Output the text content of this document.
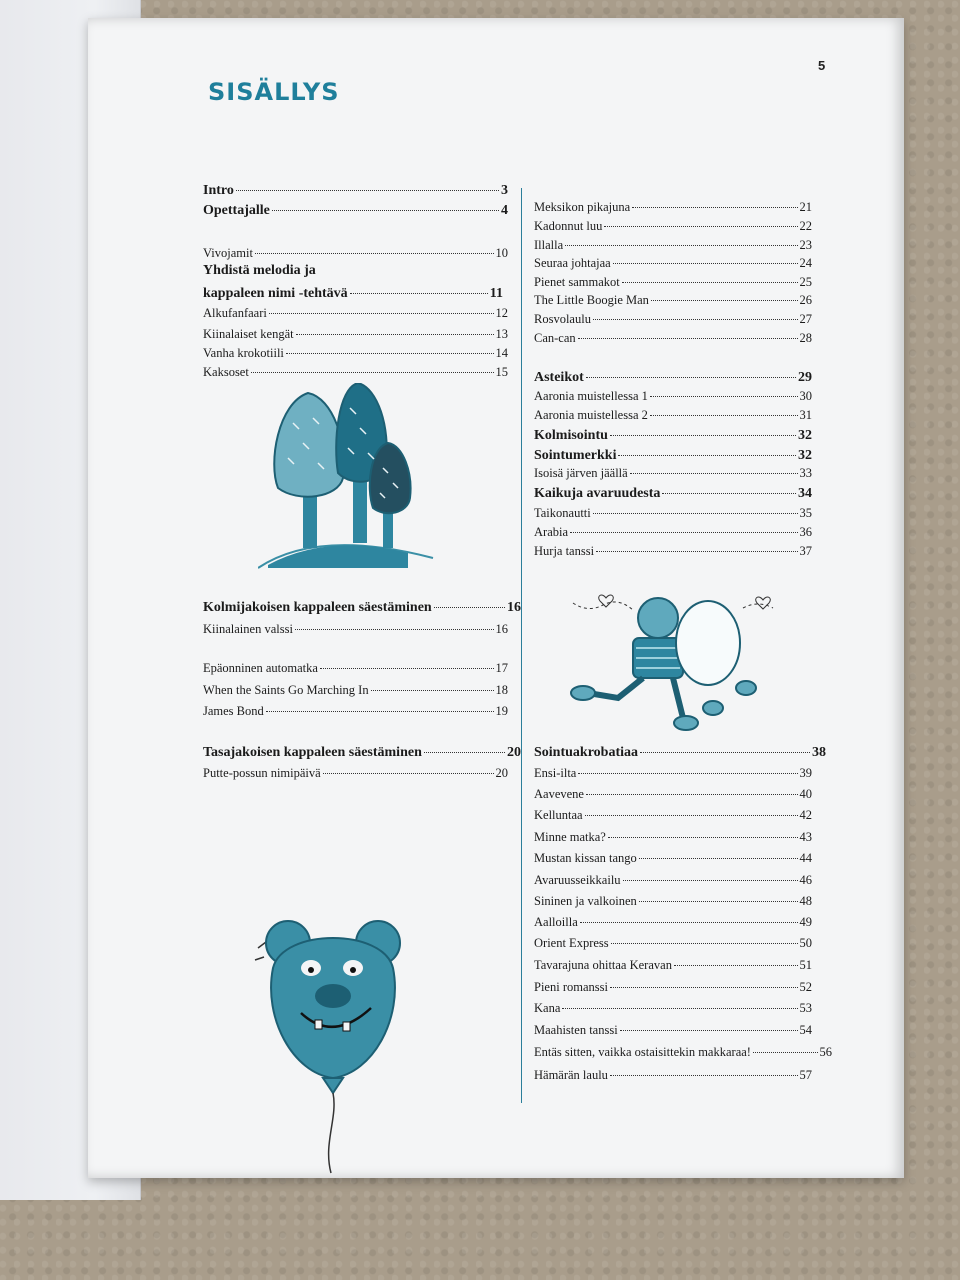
SISÄLLYS
5
Intro	3
Opettajalle	4
Vivojamit	10
Yhdistä melodia ja
kappaleen nimi -tehtävä	11
Alkufanfaari	12
Kiinalaiset kengät	13
Vanha krokotiili	14
Kaksoset	15
Kolmijakoisen kappaleen säestäminen	16
Kiinalainen valssi	16
Epäonninen automatka	17
When the Saints Go Marching In	18
James Bond	19
Tasajakoisen kappaleen säestäminen	20
Putte-possun nimipäivä	20
Meksikon pikajuna	21
Kadonnut luu	22
Illalla	23
Seuraa johtajaa	24
Pienet sammakot	25
The Little Boogie Man	26
Rosvolaulu	27
Can-can	28
Asteikot	29
Aaronia muistellessa 1	30
Aaronia muistellessa 2	31
Kolmisointu	32
Sointumerkki	32
Isoisä järven jäällä	33
Kaikuja avaruudesta	34
Taikonautti	35
Arabia	36
Hurja tanssi	37
Sointuakrobatiaa	38
Ensi-ilta	39
Aavevene	40
Kelluntaa	42
Minne matka?	43
Mustan kissan tango	44
Avaruusseikkailu	46
Sininen ja valkoinen	48
Aalloilla	49
Orient Express	50
Tavarajuna ohittaa Keravan	51
Pieni romanssi	52
Kana	53
Maahisten tanssi	54
Entäs sitten, vaikka ostaisittekin makkaraa!	56
Hämärän laulu	57
